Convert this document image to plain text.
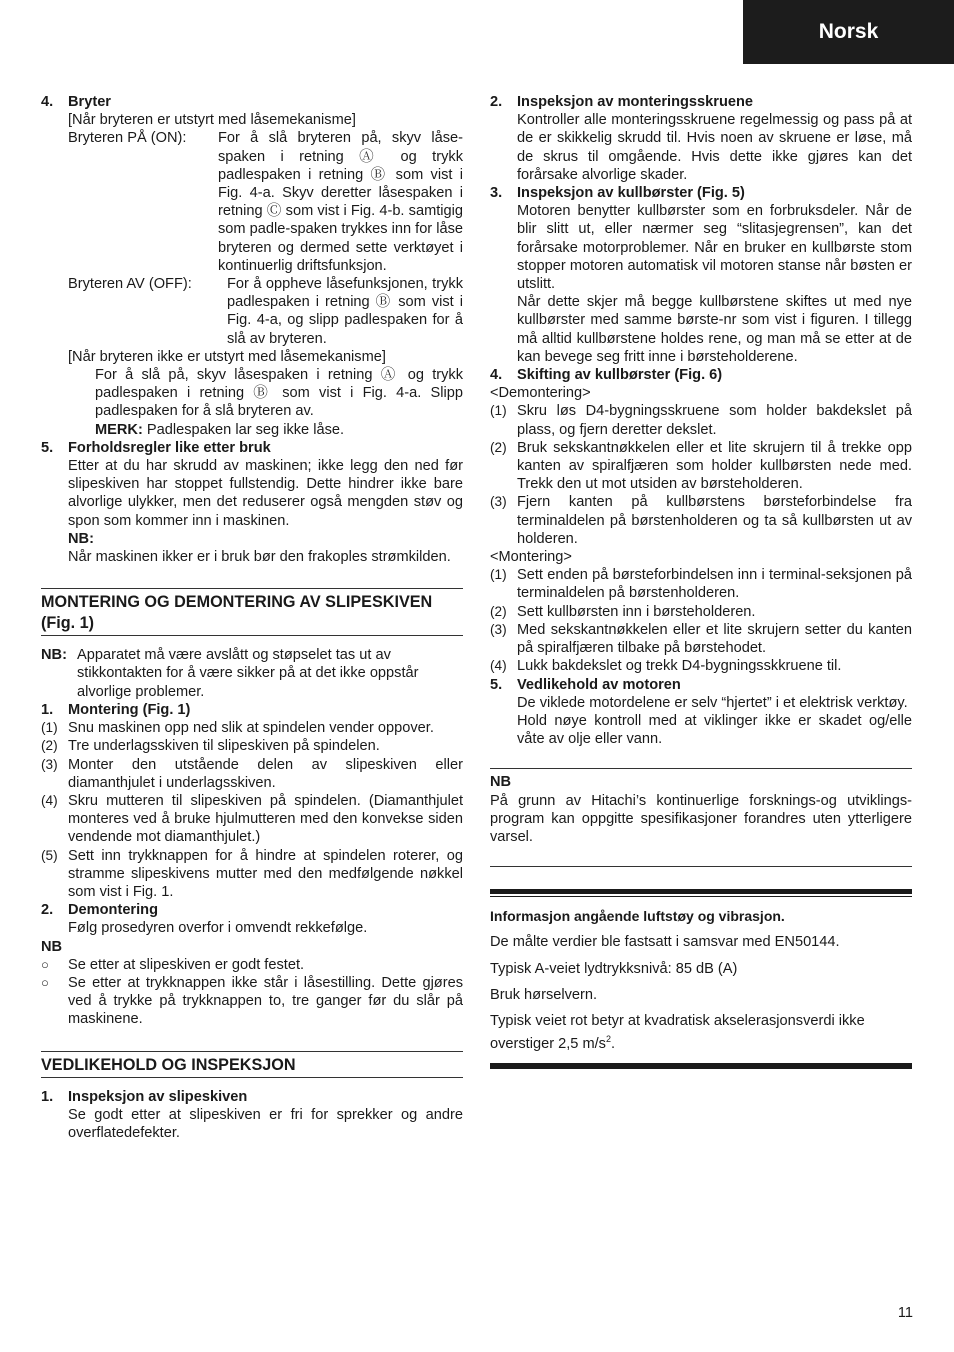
Norsk
4.	Bryter

[Når bryteren er utstyrt med låsemekanisme]

Bryteren PÅ (ON):	For å slå bryteren på, skyv låse-spaken i retning Ⓐ og trykk padlespaken i retning Ⓑ som vist i Fig. 4-a. Skyv deretter låsespaken i retning Ⓒ som vist i Fig. 4-b. samtigig som padle-spaken trykkes inn for låse bryteren og dermed sette verktøyet i kontinuerlig driftsfunksjon.
Bryteren AV (OFF):	For å oppheve låsefunksjonen, trykk padlespaken i retning Ⓑ som vist i Fig. 4-a, og slipp padlespaken for å slå av bryteren.

[Når bryteren ikke er utstyrt med låsemekanisme]

For å slå på, skyv låsespaken i retning Ⓐ og trykk padlespaken i retning Ⓑ som vist i Fig. 4-a. Slipp padlespaken for å slå bryteren av.

MERK: Padlespaken lar seg ikke låse.

5.	Forholdsregler like etter bruk

Etter at du har skrudd av maskinen; ikke legg den ned før slipeskiven har stoppet fullstendig. Dette hindrer ikke bare alvorlige ulykker, men det reduserer også mengden støv og spon som kommer inn i maskinen.

NB:

Når maskinen ikker er i bruk bør den frakoples strømkilden.

MONTERING OG DEMONTERING AV SLIPESKIVEN (Fig. 1)
NB: Apparatet må være avslått og støpselet tas ut av stikkontakten for å være sikker på at det ikke oppstår alvorlige problemer.
1.	Montering (Fig. 1)
(1) Snu maskinen opp ned slik at spindelen vender oppover.
(2) Tre underlagsskiven til slipeskiven på spindelen.
(3) Monter den utstående delen av slipeskiven eller diamanthjulet i underlagsskiven.
(4) Skru mutteren til slipeskiven på spindelen. (Diamanthjulet monteres ved å bruke hjulmutteren med den konvekse siden vendende mot diamanthjulet.)
(5) Sett inn trykknappen for å hindre at spindelen roterer, og stramme slipeskivens mutter med den medfølgende nøkkel som vist i Fig. 1.
2.	Demontering

Følg prosedyren overfor i omvendt rekkefølge.

NB

○	Se etter at slipeskiven er godt festet.
○	Se etter at trykknappen ikke står i låsestilling. Dette gjøres ved å trykke på trykknappen to, tre ganger før du slår på maskinene.
VEDLIKEHOLD OG INSPEKSJON
1.	Inspeksjon av slipeskiven

Se godt etter at slipeskiven er fri for sprekker og andre overflatedefekter.

2.	Inspeksjon av monteringsskruene

Kontroller alle monteringsskruene regelmessig og pass på at de er skikkelig skrudd til. Hvis noen av skruene er løse, må de skrus til omgående. Hvis dette ikke gjøres kan det forårsake alvorlige skader.

3.	Inspeksjon av kullbørster (Fig. 5)

Motoren benytter kullbørster som en forbruksdeler. Når de blir slitt ut, eller nærmer seg “slitasjegrensen”, kan det forårsake motorproblemer. Når en bruker en kullbørste stom stopper motoren automatisk vil motoren stanse når bøsten er utslitt.

Når dette skjer må begge kullbørstene skiftes ut med nye kullbørster med samme børste-nr som vist i figuren. I tillegg må alltid kullbørstene holdes rene, og man må se etter at de kan bevege seg fritt inne i børsteholderene.

4.	Skifting av kullbørster (Fig. 6)

<Demontering>

(1) Skru løs D4-bygningsskruene som holder bakdekslet på plass, og fjern deretter dekslet.
(2) Bruk sekskantnøkkelen eller et lite skrujern til å trekke opp kanten av spiralfjæren som holder kullbørsten nede med. Trekk den ut mot utsiden av børsteholderen.
(3) Fjern kanten på kullbørstens børsteforbindelse fra terminaldelen på børstenholderen og ta så kullbørsten ut av holderen.

<Montering>

(1) Sett enden på børsteforbindelsen inn i terminal-seksjonen på terminaldelen på børstenholderen.
(2) Sett kullbørsten inn i børsteholderen.
(3) Med sekskantnøkkelen eller et lite skrujern setter du kanten på spiralfjæren tilbake på børstehodet.
(4) Lukk bakdekslet og trekk D4-bygningsskkruene til.
5.	Vedlikehold av motoren

De viklede motordelene er selv “hjertet” i et elektrisk verktøy.

Hold nøye kontroll med at viklinger ikke er skadet og/elle våte av olje eller vann.

NB

På grunn av Hitachi’s kontinuerlige forsknings-og utviklings-program kan oppgitte spesifikasjoner forandres uten ytterligere varsel.

Informasjon angående luftstøy og vibrasjon.

De målte verdier ble fastsatt i samsvar med EN50144.

Typisk A-veiet lydtrykksnivå: 85 dB (A)

Bruk hørselvern.

Typisk veiet rot betyr at kvadratisk akselerasjonsverdi ikke overstiger 2,5 $m/s^2$.

11
